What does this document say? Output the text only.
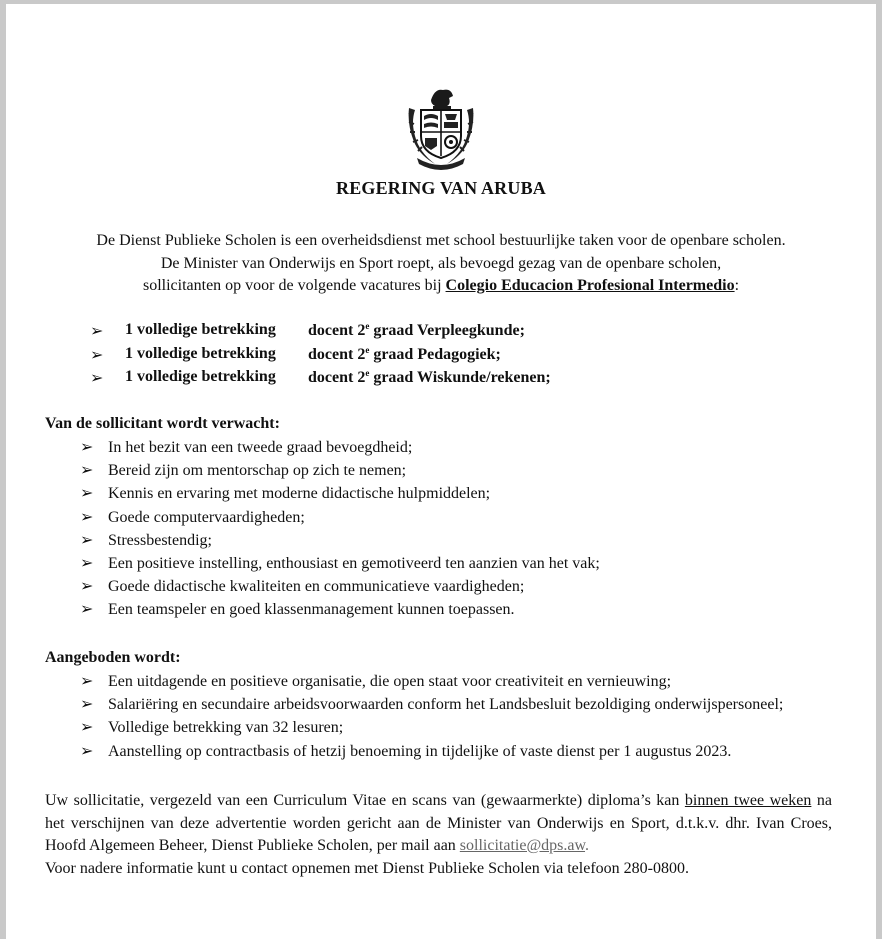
REGERING VAN ARUBA
De Dienst Publieke Scholen is een overheidsdienst met school bestuurlijke taken voor de openbare scholen.
De Minister van Onderwijs en Sport roept, als bevoegd gezag van de openbare scholen,
sollicitanten op voor de volgende vacatures bij Colegio Educacion Profesional Intermedio:
➢ 1 volledige betrekking docent 2e graad Verpleegkunde;
➢ 1 volledige betrekking docent 2e graad Pedagogiek;
➢ 1 volledige betrekking docent 2e graad Wiskunde/rekenen;
Van de sollicitant wordt verwacht:
➢ In het bezit van een tweede graad bevoegdheid;
➢ Bereid zijn om mentorschap op zich te nemen;
➢ Kennis en ervaring met moderne didactische hulpmiddelen;
➢ Goede computervaardigheden;
➢ Stressbestendig;
➢ Een positieve instelling, enthousiast en gemotiveerd ten aanzien van het vak;
➢ Goede didactische kwaliteiten en communicatieve vaardigheden;
➢ Een teamspeler en goed klassenmanagement kunnen toepassen.
Aangeboden wordt:
➢ Een uitdagende en positieve organisatie, die open staat voor creativiteit en vernieuwing;
➢ Salariëring en secundaire arbeidsvoorwaarden conform het Landsbesluit bezoldiging onderwijspersoneel;
➢ Volledige betrekking van 32 lesuren;
➢ Aanstelling op contractbasis of hetzij benoeming in tijdelijke of vaste dienst per 1 augustus 2023.

Uw sollicitatie, vergezeld van een Curriculum Vitae en scans van (gewaarmerkte) diploma’s kan binnen twee weken na

het verschijnen van deze advertentie worden gericht aan de Minister van Onderwijs en Sport, d.t.k.v. dhr. Ivan Croes,

Hoofd Algemeen Beheer, Dienst Publieke Scholen, per mail aan sollicitatie@dps.aw.

Voor nadere informatie kunt u contact opnemen met Dienst Publieke Scholen via telefoon 280-0800.
